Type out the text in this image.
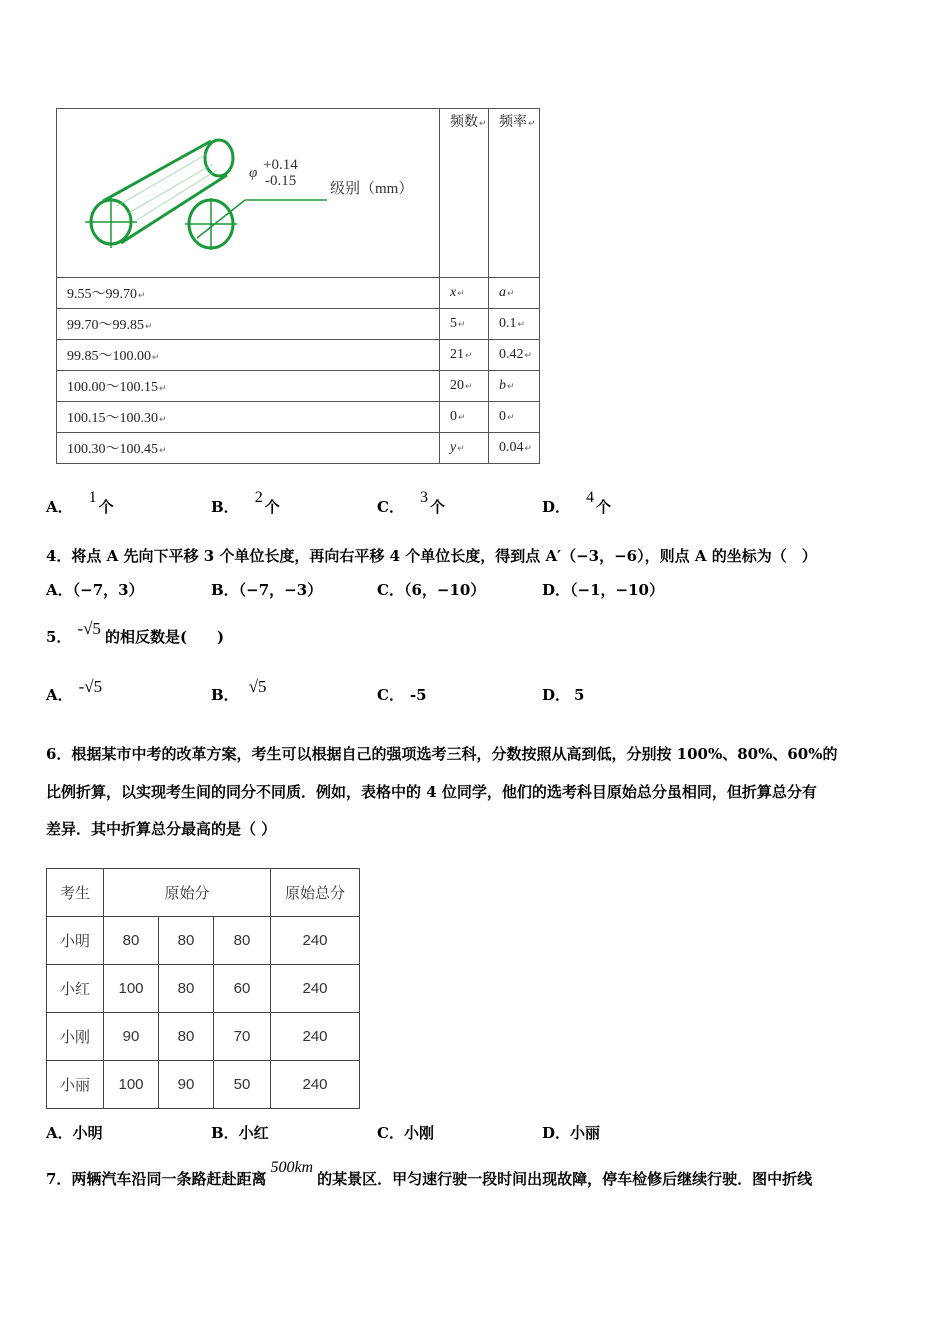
φ +0.14
-0.15 级别（mm）	频数↵	频率↵
9.55～99.70↵	x↵	a↵
99.70～99.85↵	5↵	0.1↵
99.85～100.00↵	21↵	0.42↵
100.00～100.15↵	20↵	b↵
100.15～100.30↵	0↵	0↵
100.30～100.45↵	y↵	0.04↵
A．1个	B．2个	C．3个	D．4个
4．将点 A 先向下平移 3 个单位长度，再向右平移 4 个单位长度，得到点 A′（−3，−6），则点 A 的坐标为（　）
A．（−7，3）	B．（−7，−3）	C．（6，−10）	D．（−1，−10）
5． -√5 的相反数是(　　)
A． -√5	B． √5	C． -5	D． 5
6．根据某市中考的改革方案，考生可以根据自己的强项选考三科，分数按照从高到低，分别按 100%、80%、60%的
比例折算，以实现考生间的同分不同质．例如，表格中的 4 位同学，他们的选考科目原始总分虽相同，但折算总分有
差异．其中折算总分最高的是（ ）
考生	原始分			原始总分
小明	80	80	80	240
小红	100	80	60	240
小刚	90	80	70	240
小丽	100	90	50	240
A．小明	B．小红	C．小刚	D．小丽
7．两辆汽车沿同一条路赶赴距离500km的某景区．甲匀速行驶一段时间出现故障，停车检修后继续行驶．图中折线
